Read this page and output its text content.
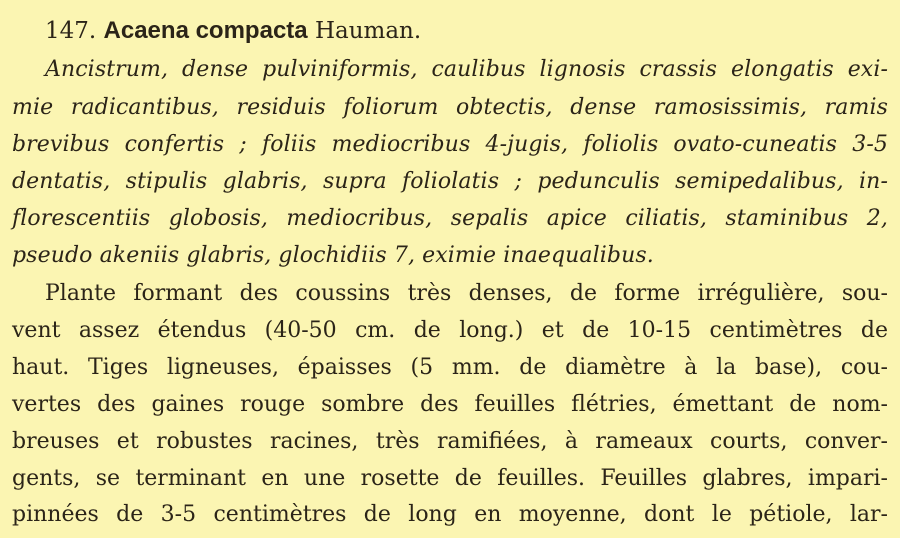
147. Acaena compacta Hauman.
Ancistrum, dense pulviniformis, caulibus lignosis crassis elongatis exi-
mie radicantibus, residuis foliorum obtectis, dense ramosissimis, ramis
brevibus confertis ; foliis mediocribus 4-jugis, foliolis ovato-cuneatis 3-5
dentatis, stipulis glabris, supra foliolatis ; pedunculis semipedalibus, in-
florescentiis globosis, mediocribus, sepalis apice ciliatis, staminibus 2,
pseudo akeniis glabris, glochidiis 7, eximie inaequalibus.
Plante formant des coussins très denses, de forme irrégulière, sou-
vent assez étendus (40-50 cm. de long.) et de 10-15 centimètres de
haut. Tiges ligneuses, épaisses (5 mm. de diamètre à la base), cou-
vertes des gaines rouge sombre des feuilles flétries, émettant de nom-
breuses et robustes racines, très ramifiées, à rameaux courts, conver-
gents, se terminant en une rosette de feuilles. Feuilles glabres, impari-
pinnées de 3-5 centimètres de long en moyenne, dont le pétiole, lar-
